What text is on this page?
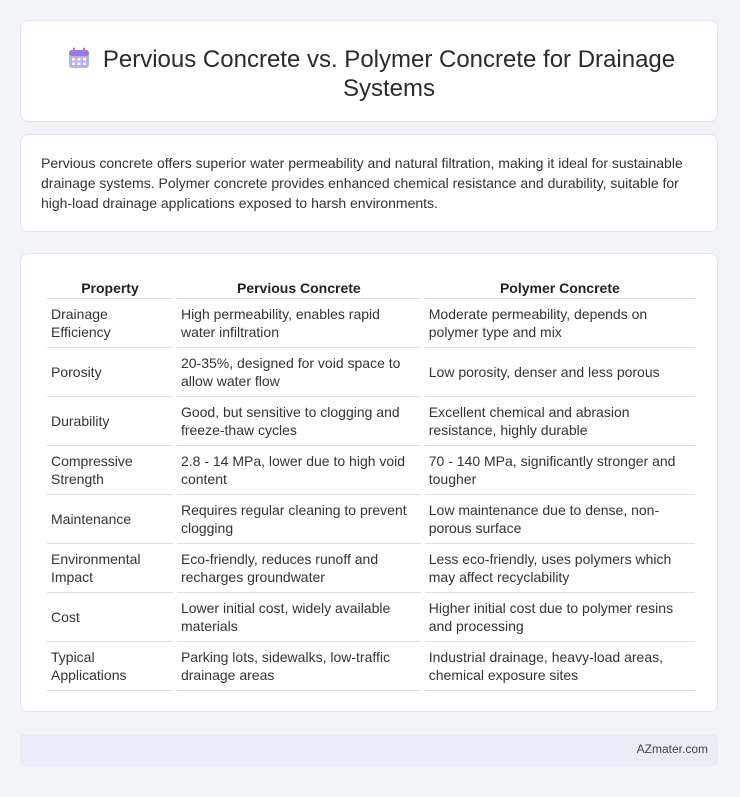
Pervious Concrete vs. Polymer Concrete for Drainage Systems

Pervious concrete offers superior water permeability and natural filtration, making it ideal for sustainable drainage systems. Polymer concrete provides enhanced chemical resistance and durability, suitable for high-load drainage applications exposed to harsh environments.

Property	Pervious Concrete	Polymer Concrete
Drainage Efficiency	High permeability, enables rapid water infiltration	Moderate permeability, depends on polymer type and mix
Porosity	20-35%, designed for void space to allow water flow	Low porosity, denser and less porous
Durability	Good, but sensitive to clogging and freeze-thaw cycles	Excellent chemical and abrasion resistance, highly durable
Compressive Strength	2.8 - 14 MPa, lower due to high void content	70 - 140 MPa, significantly stronger and tougher
Maintenance	Requires regular cleaning to prevent clogging	Low maintenance due to dense, non-porous surface
Environmental Impact	Eco-friendly, reduces runoff and recharges groundwater	Less eco-friendly, uses polymers which may affect recyclability
Cost	Lower initial cost, widely available materials	Higher initial cost due to polymer resins and processing
Typical Applications	Parking lots, sidewalks, low-traffic drainage areas	Industrial drainage, heavy-load areas, chemical exposure sites
AZmater.com
